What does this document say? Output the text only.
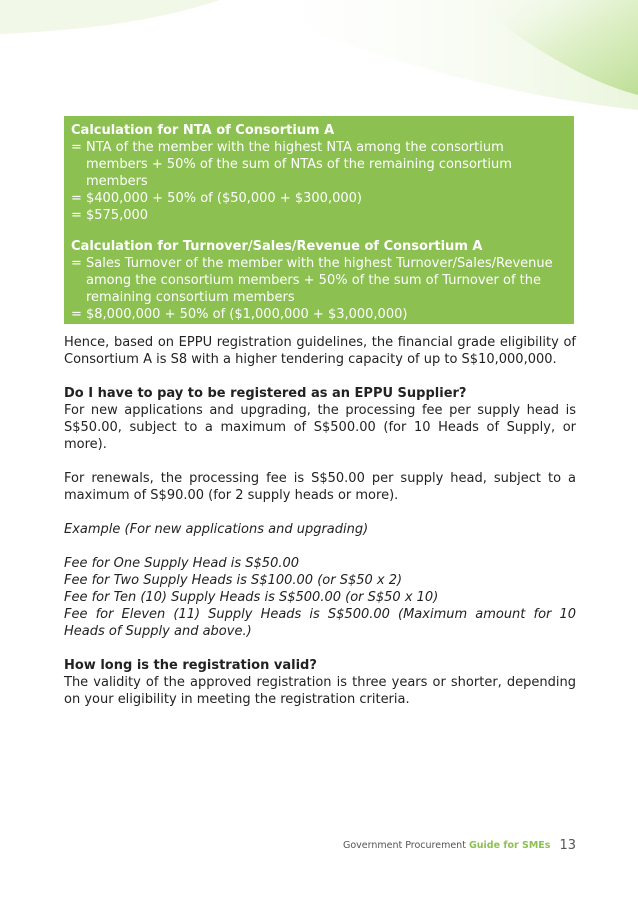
Calculation for NTA of Consortium A
= NTA of the member with the highest NTA among the consortium members + 50% of the sum of NTAs of the remaining consortium members
= $400,000 + 50% of ($50,000 + $300,000)
= $575,000
Calculation for Turnover/Sales/Revenue of Consortium A
= Sales Turnover of the member with the highest Turnover/Sales/Revenue among the consortium members + 50% of the sum of Turnover of the remaining consortium members
= $8,000,000 + 50% of ($1,000,000 + $3,000,000)
= $10,000,000

Hence, based on EPPU registration guidelines, the financial grade eligibility of Consortium A is S8 with a higher tendering capacity of up to S$10,000,000.

Do I have to pay to be registered as an EPPU Supplier?

For new applications and upgrading, the processing fee per supply head is S$50.00, subject to a maximum of S$500.00 (for 10 Heads of Supply, or more).

For renewals, the processing fee is S$50.00 per supply head, subject to a maximum of S$90.00 (for 2 supply heads or more).

Example (For new applications and upgrading)

Fee for One Supply Head is S$50.00

Fee for Two Supply Heads is S$100.00 (or S$50 x 2)

Fee for Ten (10) Supply Heads is S$500.00 (or S$50 x 10)

Fee for Eleven (11) Supply Heads is S$500.00 (Maximum amount for 10 Heads of Supply and above.)

How long is the registration valid?

The validity of the approved registration is three years or shorter, depending on your eligibility in meeting the registration criteria.

Government Procurement Guide for SMEs 13
